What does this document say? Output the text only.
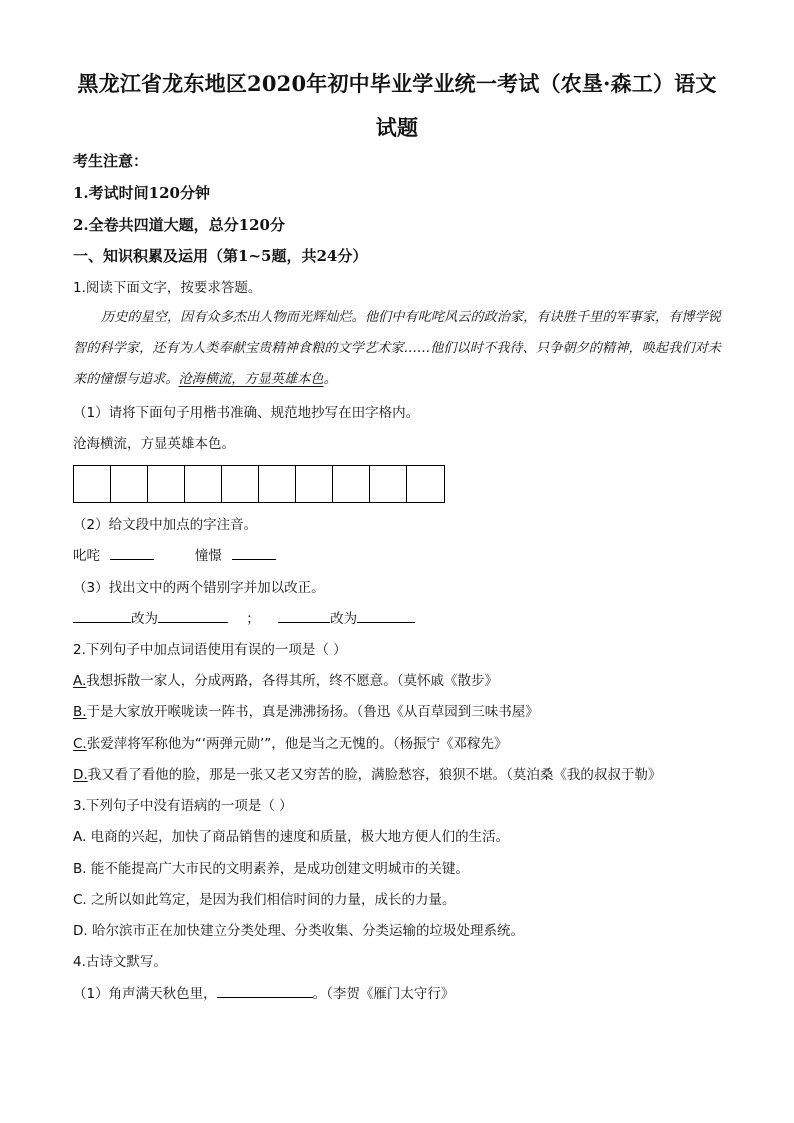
黑龙江省龙东地区2020年初中毕业学业统一考试（农垦·森工）语文
试题
考生注意：
1.考试时间120分钟
2.全卷共四道大题，总分120分
一、知识积累及运用（第1~5题，共24分）
1.阅读下面文字，按要求答题。
历史的星空，因有众多杰出人物而光辉灿烂。他们中有叱咤风云的政治家，有诀胜千里的军事家，有博学锐智的科学家，还有为人类奉献宝贵精神食粮的文学艺术家……他们以时不我待、只争朝夕的精神，唤起我们对未来的憧憬与追求。沧海横流，方显英雄本色。
（1）请将下面句子用楷书准确、规范地抄写在田字格内。
沧海横流，方显英雄本色。
（2）给文段中加点的字注音。
叱咤	憧憬
（3）找出文中的两个错别字并加以改正。
改为	；	改为
2.下列句子中加点词语使用有误的一项是（ ）
A.我想拆散一家人，分成两路，各得其所，终不愿意。（莫怀戚《散步》
B.于是大家放开喉咙读一阵书，真是沸沸扬扬。（鲁迅《从百草园到三味书屋》
C.张爱萍将军称他为“‘两弹元勋’”，他是当之无愧的。（杨振宁《邓稼先》
D.我又看了看他的脸，那是一张又老又穷苦的脸，满脸愁容，狼狈不堪。（莫泊桑《我的叔叔于勒》
3.下列句子中没有语病的一项是（ ）
A. 电商的兴起，加快了商品销售的速度和质量，极大地方便人们的生活。
B. 能不能提高广大市民的文明素养，是成功创建文明城市的关键。
C. 之所以如此笃定，是因为我们相信时间的力量，成长的力量。
D. 哈尔滨市正在加快建立分类处理、分类收集、分类运输的垃圾处理系统。
4.古诗文默写。
（1）角声满天秋色里，	。（李贺《雁门太守行》
